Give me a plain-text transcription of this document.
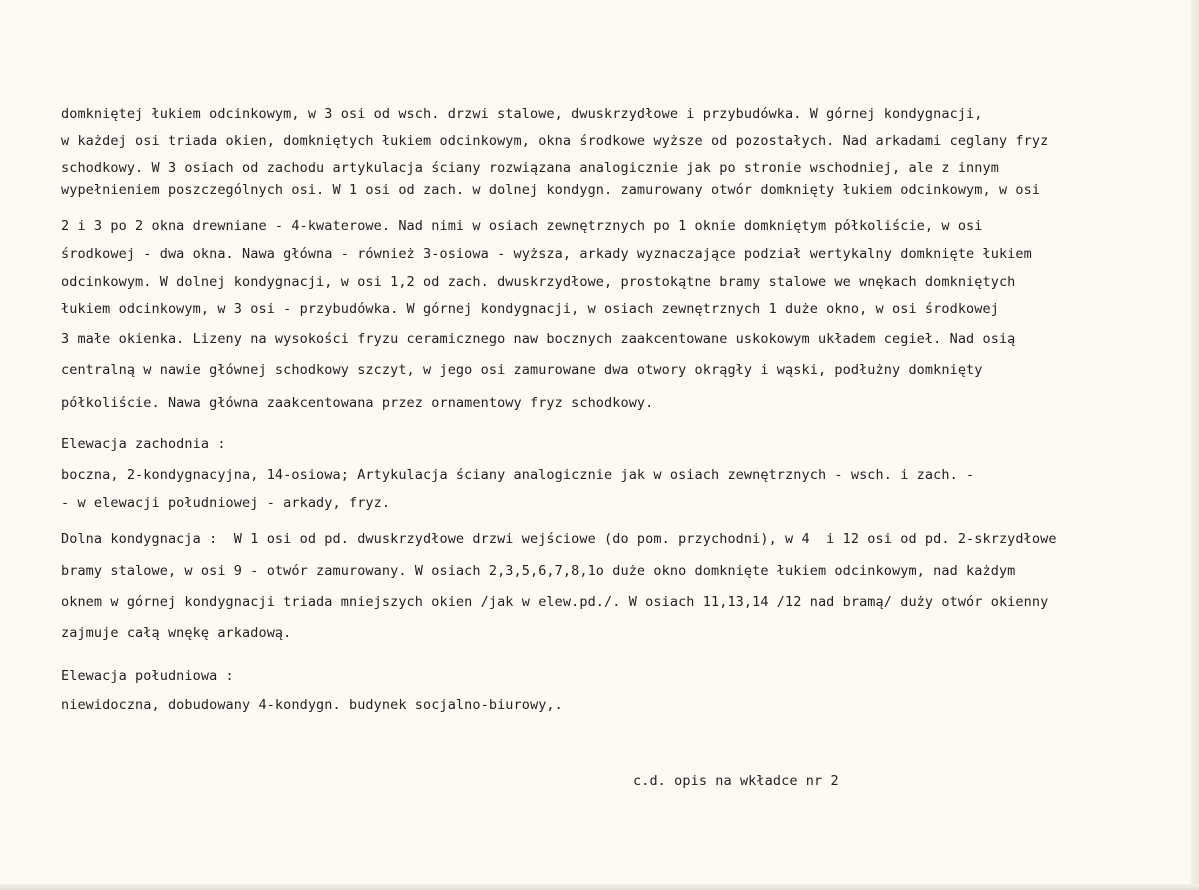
domkniętej łukiem odcinkowym, w 3 osi od wsch. drzwi stalowe, dwuskrzydłowe i przybudówka. W górnej kondygnacji,
w każdej osi triada okien, domkniętych łukiem odcinkowym, okna środkowe wyższe od pozostałych. Nad arkadami ceglany fryz
schodkowy. W 3 osiach od zachodu artykulacja ściany rozwiązana analogicznie jak po stronie wschodniej, ale z innym
wypełnieniem poszczególnych osi. W 1 osi od zach. w dolnej kondygn. zamurowany otwór domknięty łukiem odcinkowym, w osi
2 i 3 po 2 okna drewniane - 4-kwaterowe. Nad nimi w osiach zewnętrznych po 1 oknie domkniętym półkoliście, w osi
środkowej - dwa okna. Nawa główna - również 3-osiowa - wyższa, arkady wyznaczające podział wertykalny domknięte łukiem
odcinkowym. W dolnej kondygnacji, w osi 1,2 od zach. dwuskrzydłowe, prostokątne bramy stalowe we wnękach domkniętych
łukiem odcinkowym, w 3 osi - przybudówka. W górnej kondygnacji, w osiach zewnętrznych 1 duże okno, w osi środkowej
3 małe okienka. Lizeny na wysokości fryzu ceramicznego naw bocznych zaakcentowane uskokowym układem cegieł. Nad osią
centralną w nawie głównej schodkowy szczyt, w jego osi zamurowane dwa otwory okrągły i wąski, podłużny domknięty
półkoliście. Nawa główna zaakcentowana przez ornamentowy fryz schodkowy.
Elewacja zachodnia :
boczna, 2-kondygnacyjna, 14-osiowa; Artykulacja ściany analogicznie jak w osiach zewnętrznych - wsch. i zach. -
- w elewacji południowej - arkady, fryz.
Dolna kondygnacja :  W 1 osi od pd. dwuskrzydłowe drzwi wejściowe (do pom. przychodni), w 4  i 12 osi od pd. 2-skrzydłowe
bramy stalowe, w osi 9 - otwór zamurowany. W osiach 2,3,5,6,7,8,1o duże okno domknięte łukiem odcinkowym, nad każdym
oknem w górnej kondygnacji triada mniejszych okien /jak w elew.pd./. W osiach 11,13,14 /12 nad bramą/ duży otwór okienny
zajmuje całą wnękę arkadową.
Elewacja południowa :
niewidoczna, dobudowany 4-kondygn. budynek socjalno-biurowy,.
c.d. opis na wkładce nr 2
